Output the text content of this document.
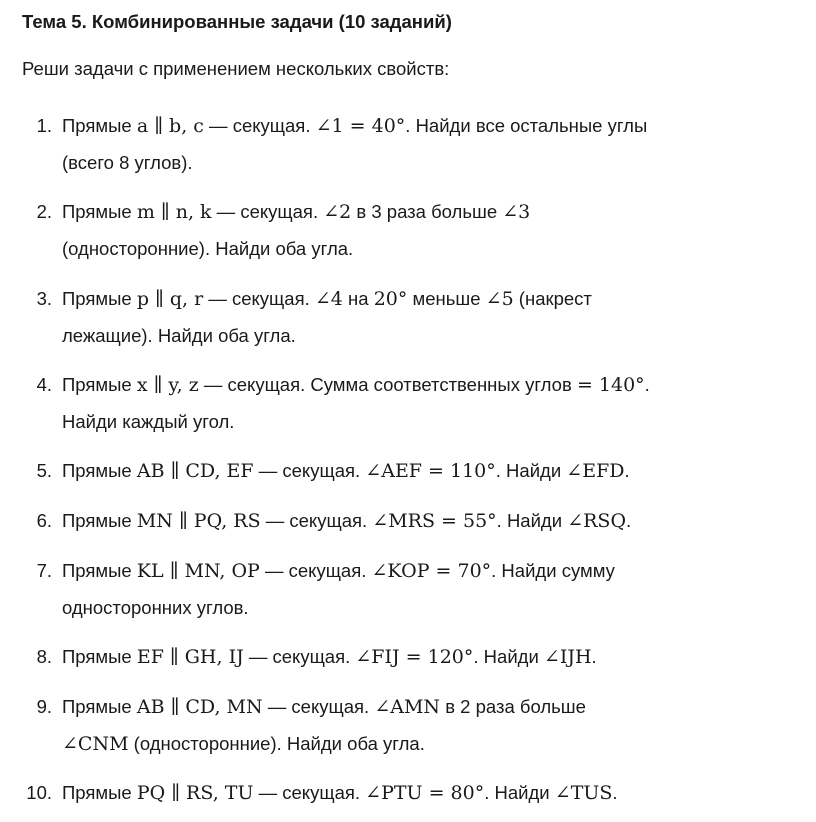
Тема 5. Комбинированные задачи (10 заданий)
Реши задачи с применением нескольких свойств:
1. Прямые a ∥ b, c — секущая. ∠1 = 40°. Найди все остальные углы
(всего 8 углов).
2. Прямые m ∥ n, k — секущая. ∠2 в 3 раза больше ∠3
(односторонние). Найди оба угла.
3. Прямые p ∥ q, r — секущая. ∠4 на 20° меньше ∠5 (накрест
лежащие). Найди оба угла.
4. Прямые x ∥ y, z — секущая. Сумма соответственных углов = 140°.
Найди каждый угол.
5. Прямые AB ∥ CD, EF — секущая. ∠AEF = 110°. Найди ∠EFD.
6. Прямые MN ∥ PQ, RS — секущая. ∠MRS = 55°. Найди ∠RSQ.
7. Прямые KL ∥ MN, OP — секущая. ∠KOP = 70°. Найди сумму
односторонних углов.
8. Прямые EF ∥ GH, IJ — секущая. ∠FIJ = 120°. Найди ∠IJH.
9. Прямые AB ∥ CD, MN — секущая. ∠AMN в 2 раза больше
∠CNM (односторонние). Найди оба угла.
10. Прямые PQ ∥ RS, TU — секущая. ∠PTU = 80°. Найди ∠TUS.
